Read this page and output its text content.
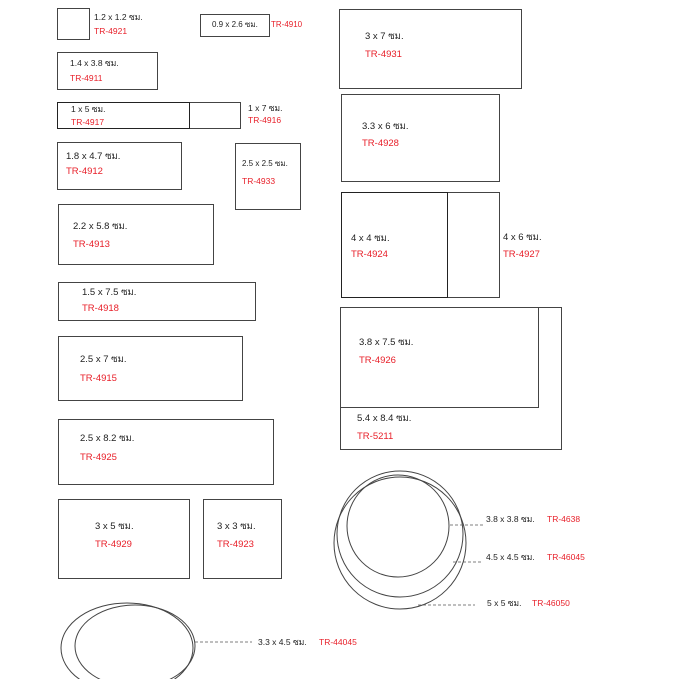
1.2 x 1.2 ซม.
TR-4921
0.9 x 2.6 ซม. TR-4910
1.4 x 3.8 ซม.
TR-4911
1 x 5 ซม.
TR-4917
1 x 7 ซม.
TR-4916
1.8 x 4.7 ซม.
TR-4912
2.5 x 2.5 ซม.
TR-4933
2.2 x 5.8 ซม.
TR-4913
1.5 x 7.5 ซม.
TR-4918
2.5 x 7 ซม.
TR-4915
2.5 x 8.2 ซม.
TR-4925
3 x 5 ซม.
TR-4929
3 x 3 ซม.
TR-4923
3 x 7 ซม.
TR-4931
3.3 x 6 ซม.
TR-4928
4 x 4 ซม.
TR-4924
4 x 6 ซม.
TR-4927
3.8 x 7.5 ซม.
TR-4926
5.4 x 8.4 ซม.
TR-5211
3.8 x 3.8 ซม. TR-4638
4.5 x 4.5 ซม. TR-46045
5 x 5 ซม. TR-46050
3.3 x 4.5 ซม. TR-44045
